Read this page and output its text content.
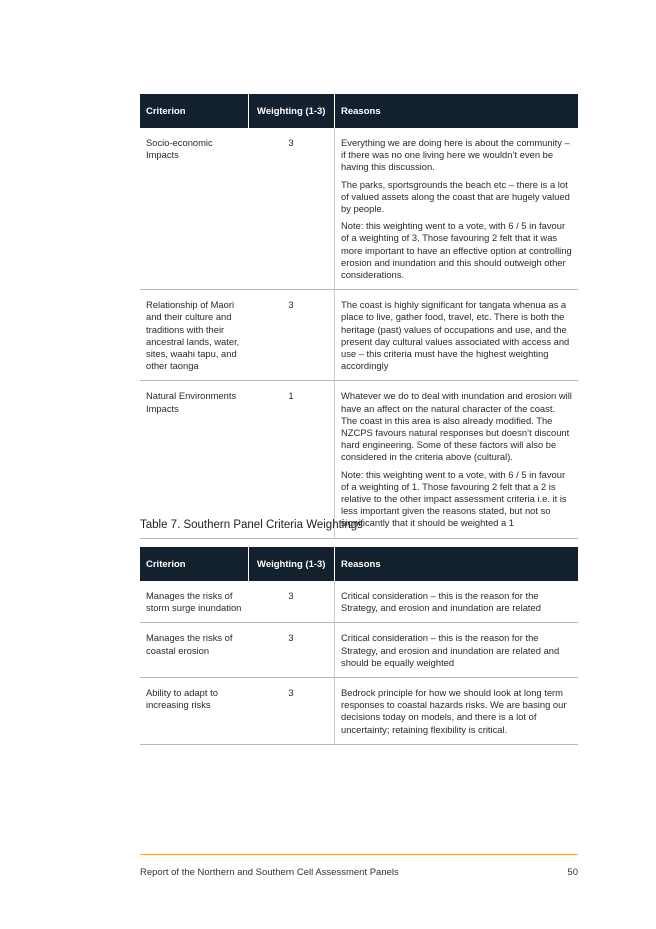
Criterion	Weighting (1-3)	Reasons
Socio-economic Impacts	3	Everything we are doing here is about the community – if there was no one living here we wouldn’t even be having this discussion.

The parks, sportsgrounds the beach etc – there is a lot of valued assets along the coast that are hugely valued by people.

Note: this weighting went to a vote, with 6 / 5 in favour of a weighting of 3. Those favouring 2 felt that it was more important to have an effective option at controlling erosion and inundation and this should outweigh other considerations.

Relationship of Maori and their culture and traditions with their ancestral lands, water, sites, waahi tapu, and other taonga	3	The coast is highly significant for tangata whenua as a place to live, gather food, travel, etc. There is both the heritage (past) values of occupations and use, and the present day cultural values associated with access and use – this criteria must have the highest weighting accordingly

Natural Environments Impacts	1	Whatever we do to deal with inundation and erosion will have an affect on the natural character of the coast. The coast in this area is also already modified. The NZCPS favours natural responses but doesn’t discount hard engineering. Some of these factors will also be considered in the criteria above (cultural).

Note: this weighting went to a vote, with 6 / 5 in favour of a weighting of 1. Those favouring 2 felt that a 2 is relative to the other impact assessment criteria i.e. it is less important given the reasons stated, but not so significantly that it should be weighted a 1

Table 7. Southern Panel Criteria Weightings
Criterion	Weighting (1-3)	Reasons
Manages the risks of storm surge inundation	3	Critical consideration – this is the reason for the Strategy, and erosion and inundation are related

Manages the risks of coastal erosion	3	Critical consideration – this is the reason for the Strategy, and erosion and inundation are related and should be equally weighted

Ability to adapt to increasing risks	3	Bedrock principle for how we should look at long term responses to coastal hazards risks. We are basing our decisions today on models, and there is a lot of uncertainty; retaining flexibility is critical.

Report of the Northern and Southern Cell Assessment Panels	50
